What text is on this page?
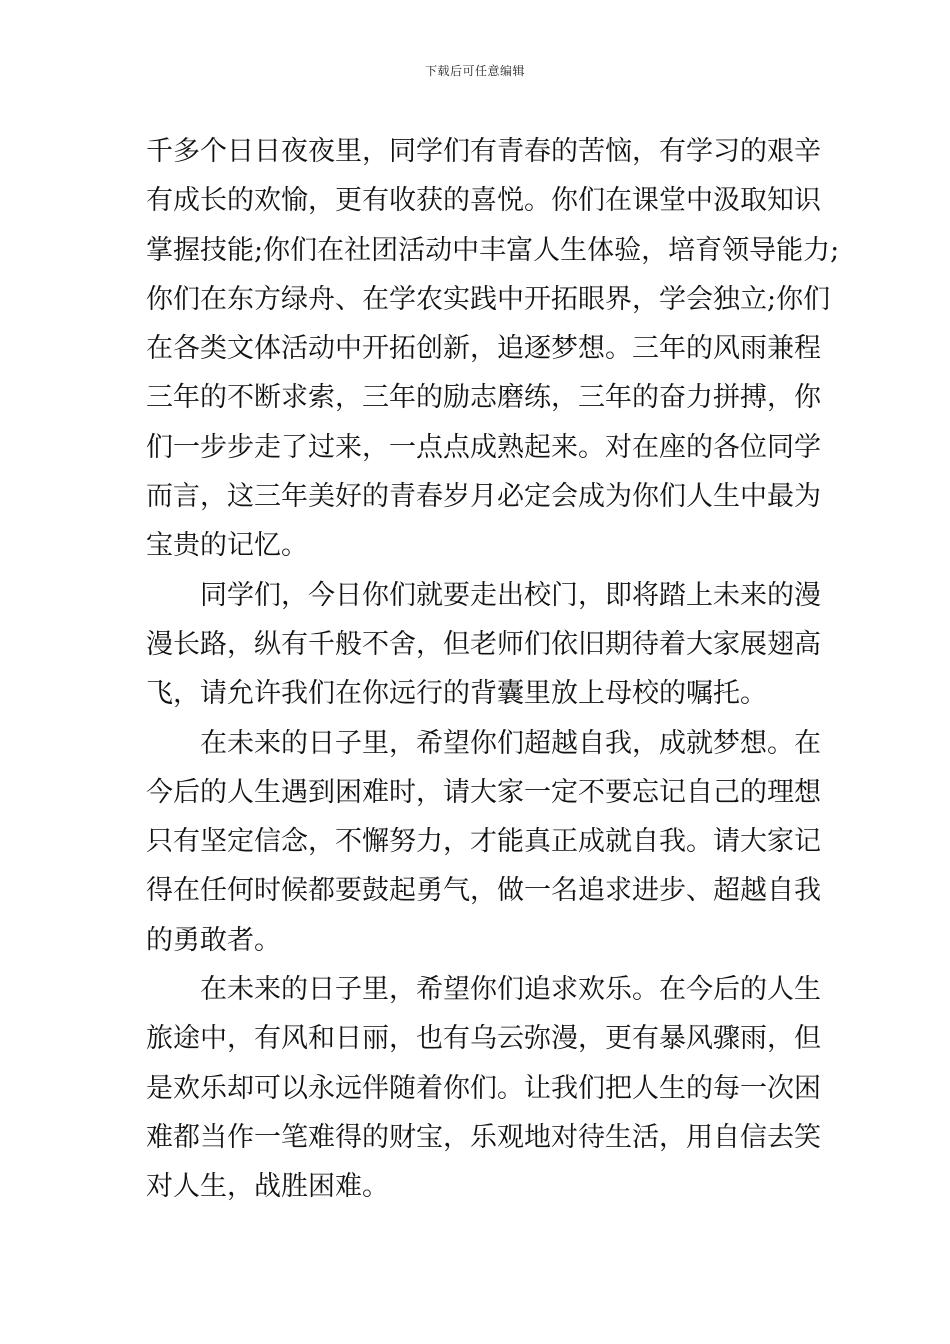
下载后可任意编辑
千多个日日夜夜里，同学们有青春的苦恼，有学习的艰辛
有成长的欢愉，更有收获的喜悦。你们在课堂中汲取知识
掌握技能;你们在社团活动中丰富人生体验，培育领导能力;
你们在东方绿舟、在学农实践中开拓眼界，学会独立;你们
在各类文体活动中开拓创新，追逐梦想。三年的风雨兼程
三年的不断求索，三年的励志磨练，三年的奋力拼搏，你
们一步步走了过来，一点点成熟起来。对在座的各位同学
而言，这三年美好的青春岁月必定会成为你们人生中最为
宝贵的记忆。
同学们，今日你们就要走出校门，即将踏上未来的漫
漫长路，纵有千般不舍，但老师们依旧期待着大家展翅高
飞，请允许我们在你远行的背囊里放上母校的嘱托。
在未来的日子里，希望你们超越自我，成就梦想。在
今后的人生遇到困难时，请大家一定不要忘记自己的理想
只有坚定信念，不懈努力，才能真正成就自我。请大家记
得在任何时候都要鼓起勇气，做一名追求进步、超越自我
的勇敢者。
在未来的日子里，希望你们追求欢乐。在今后的人生
旅途中，有风和日丽，也有乌云弥漫，更有暴风骤雨，但
是欢乐却可以永远伴随着你们。让我们把人生的每一次困
难都当作一笔难得的财宝，乐观地对待生活，用自信去笑
对人生，战胜困难。
